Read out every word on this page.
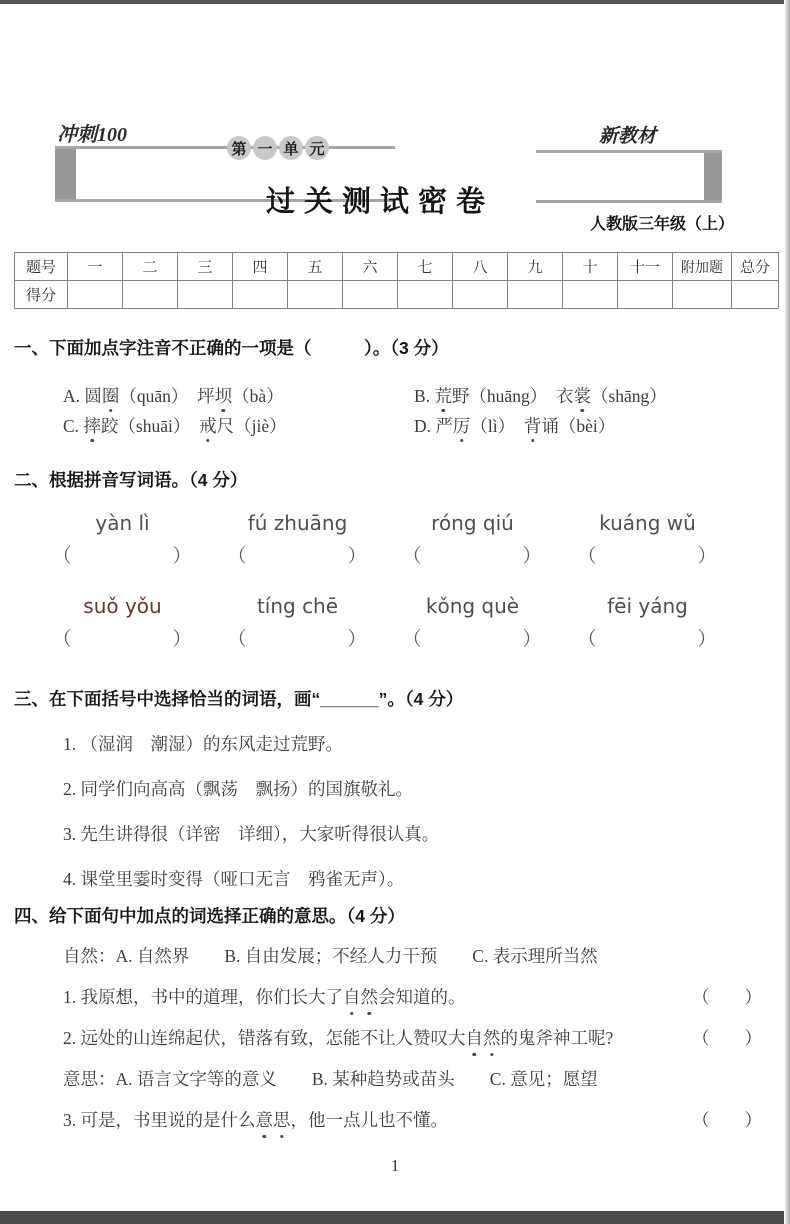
冲刺100
第 一 单 元
过关测试密卷
新教材
人教版三年级（上）
题号	一	二	三	四	五	六	七	八	九	十	十一	附加题	总分
得分													
一、下面加点字注音不正确的一项是（　　　）。（3 分）
A. 圆圈（quān）　坪坝（bà）	B. 荒野（huāng）　衣裳（shāng）
C. 摔跤（shuāi）　戒尺（jiè）	D. 严厉（lì）　背诵（bèi）
二、根据拼音写词语。（4 分）
yàn lì	fú zhuāng	róng qiú	kuáng wǔ
（　　　　　）	（　　　　　）	（　　　　　）	（　　　　　）
suǒ yǒu	tíng chē	kǒng què	fēi yáng
（　　　　　）	（　　　　　）	（　　　　　）	（　　　　　）
三、在下面括号中选择恰当的词语，画“______”。（4 分）
1. （湿润　潮湿）的东风走过荒野。
2. 同学们向高高（飘荡　飘扬）的国旗敬礼。
3. 先生讲得很（详密　详细），大家听得很认真。
4. 课堂里霎时变得（哑口无言　鸦雀无声）。
四、给下面句中加点的词选择正确的意思。（4 分）
自然：A. 自然界　　B. 自由发展；不经人力干预　　C. 表示理所当然
1. 我原想，书中的道理，你们长大了自然会知道的。	（　　）
2. 远处的山连绵起伏，错落有致，怎能不让人赞叹大自然的鬼斧神工呢?	（　　）
意思：A. 语言文字等的意义　　B. 某种趋势或苗头　　C. 意见；愿望
3. 可是，书里说的是什么意思，他一点儿也不懂。	（　　）
1
